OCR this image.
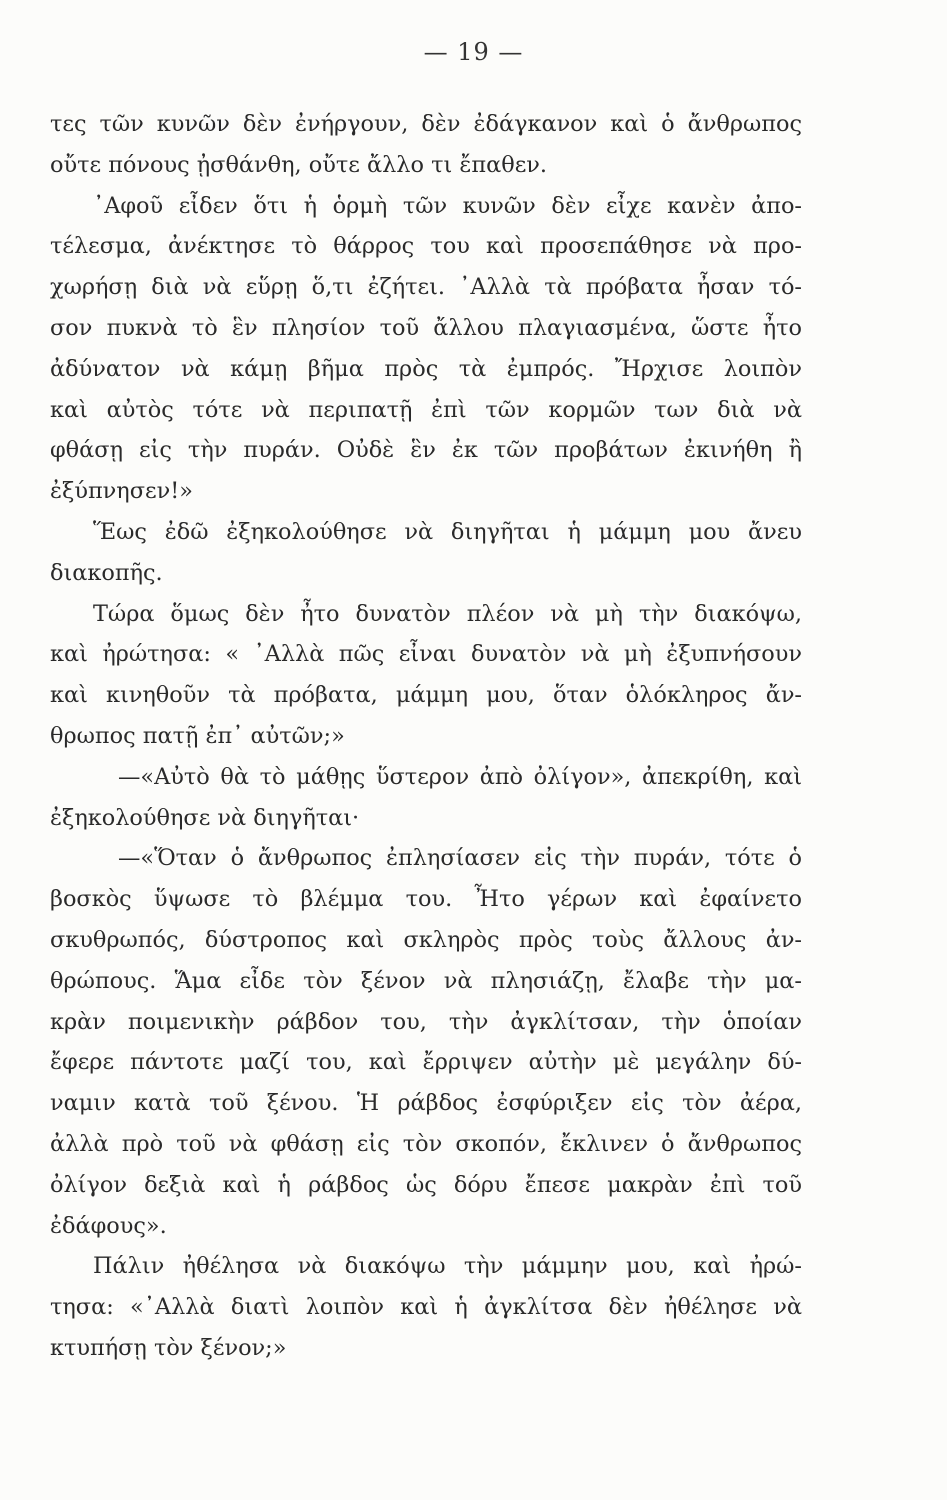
— 19 —
τες τῶν κυνῶν δὲν ἐνήργουν, δὲν ἐδάγκανον καὶ ὁ ἄνθρωπος
οὔτε πόνους ᾐσθάνθη, οὔτε ἄλλο τι ἔπαθεν.
᾿Αφοῦ εἶδεν ὅτι ἡ ὁρμὴ τῶν κυνῶν δὲν εἶχε κανὲν ἀπο-
τέλεσμα, ἀνέκτησε τὸ θάρρος του καὶ προσεπάθησε νὰ προ-
χωρήσῃ διὰ νὰ εὕρῃ ὅ,τι ἐζήτει. ᾿Αλλὰ τὰ πρόβατα ἦσαν τό-
σον πυκνὰ τὸ ἓν πλησίον τοῦ ἄλλου πλαγιασμένα, ὥστε ἦτο
ἀδύνατον νὰ κάμῃ βῆμα πρὸς τὰ ἐμπρός. Ἤρχισε λοιπὸν
καὶ αὐτὸς τότε νὰ περιπατῇ ἐπὶ τῶν κορμῶν των διὰ νὰ
φθάσῃ εἰς τὴν πυράν. Οὐδὲ ἓν ἐκ τῶν προβάτων ἐκινήθη ἢ
ἐξύπνησεν!»
Ἕως ἐδῶ ἐξηκολούθησε νὰ διηγῆται ἡ μάμμη μου ἄνευ
διακοπῆς.
Τώρα ὅμως δὲν ἦτο δυνατὸν πλέον νὰ μὴ τὴν διακόψω,
καὶ ἠρώτησα: « ᾿Αλλὰ πῶς εἶναι δυνατὸν νὰ μὴ ἐξυπνήσουν
καὶ κινηθοῦν τὰ πρόβατα, μάμμη μου, ὅταν ὁλόκληρος ἄν-
θρωπος πατῇ ἐπ᾿ αὐτῶν;»
—«Αὐτὸ θὰ τὸ μάθῃς ὕστερον ἀπὸ ὀλίγον», ἀπεκρίθη, καὶ
ἐξηκολούθησε νὰ διηγῆται·
—«Ὅταν ὁ ἄνθρωπος ἐπλησίασεν εἰς τὴν πυράν, τότε ὁ
βοσκὸς ὕψωσε τὸ βλέμμα του. Ἦτο γέρων καὶ ἐφαίνετο
σκυθρωπός, δύστροπος καὶ σκληρὸς πρὸς τοὺς ἄλλους ἀν-
θρώπους. Ἅμα εἶδε τὸν ξένον νὰ πλησιάζῃ, ἔλαβε τὴν μα-
κρὰν ποιμενικὴν ράβδον του, τὴν ἀγκλίτσαν, τὴν ὁποίαν
ἔφερε πάντοτε μαζί του, καὶ ἔρριψεν αὐτὴν μὲ μεγάλην δύ-
ναμιν κατὰ τοῦ ξένου. Ἡ ράβδος ἐσφύριξεν εἰς τὸν ἀέρα,
ἀλλὰ πρὸ τοῦ νὰ φθάσῃ εἰς τὸν σκοπόν, ἔκλινεν ὁ ἄνθρωπος
ὀλίγον δεξιὰ καὶ ἡ ράβδος ὡς δόρυ ἔπεσε μακρὰν ἐπὶ τοῦ
ἐδάφους».
Πάλιν ἠθέλησα νὰ διακόψω τὴν μάμμην μου, καὶ ἠρώ-
τησα: «᾿Αλλὰ διατὶ λοιπὸν καὶ ἡ ἀγκλίτσα δὲν ἠθέλησε νὰ
κτυπήσῃ τὸν ξένον;»
